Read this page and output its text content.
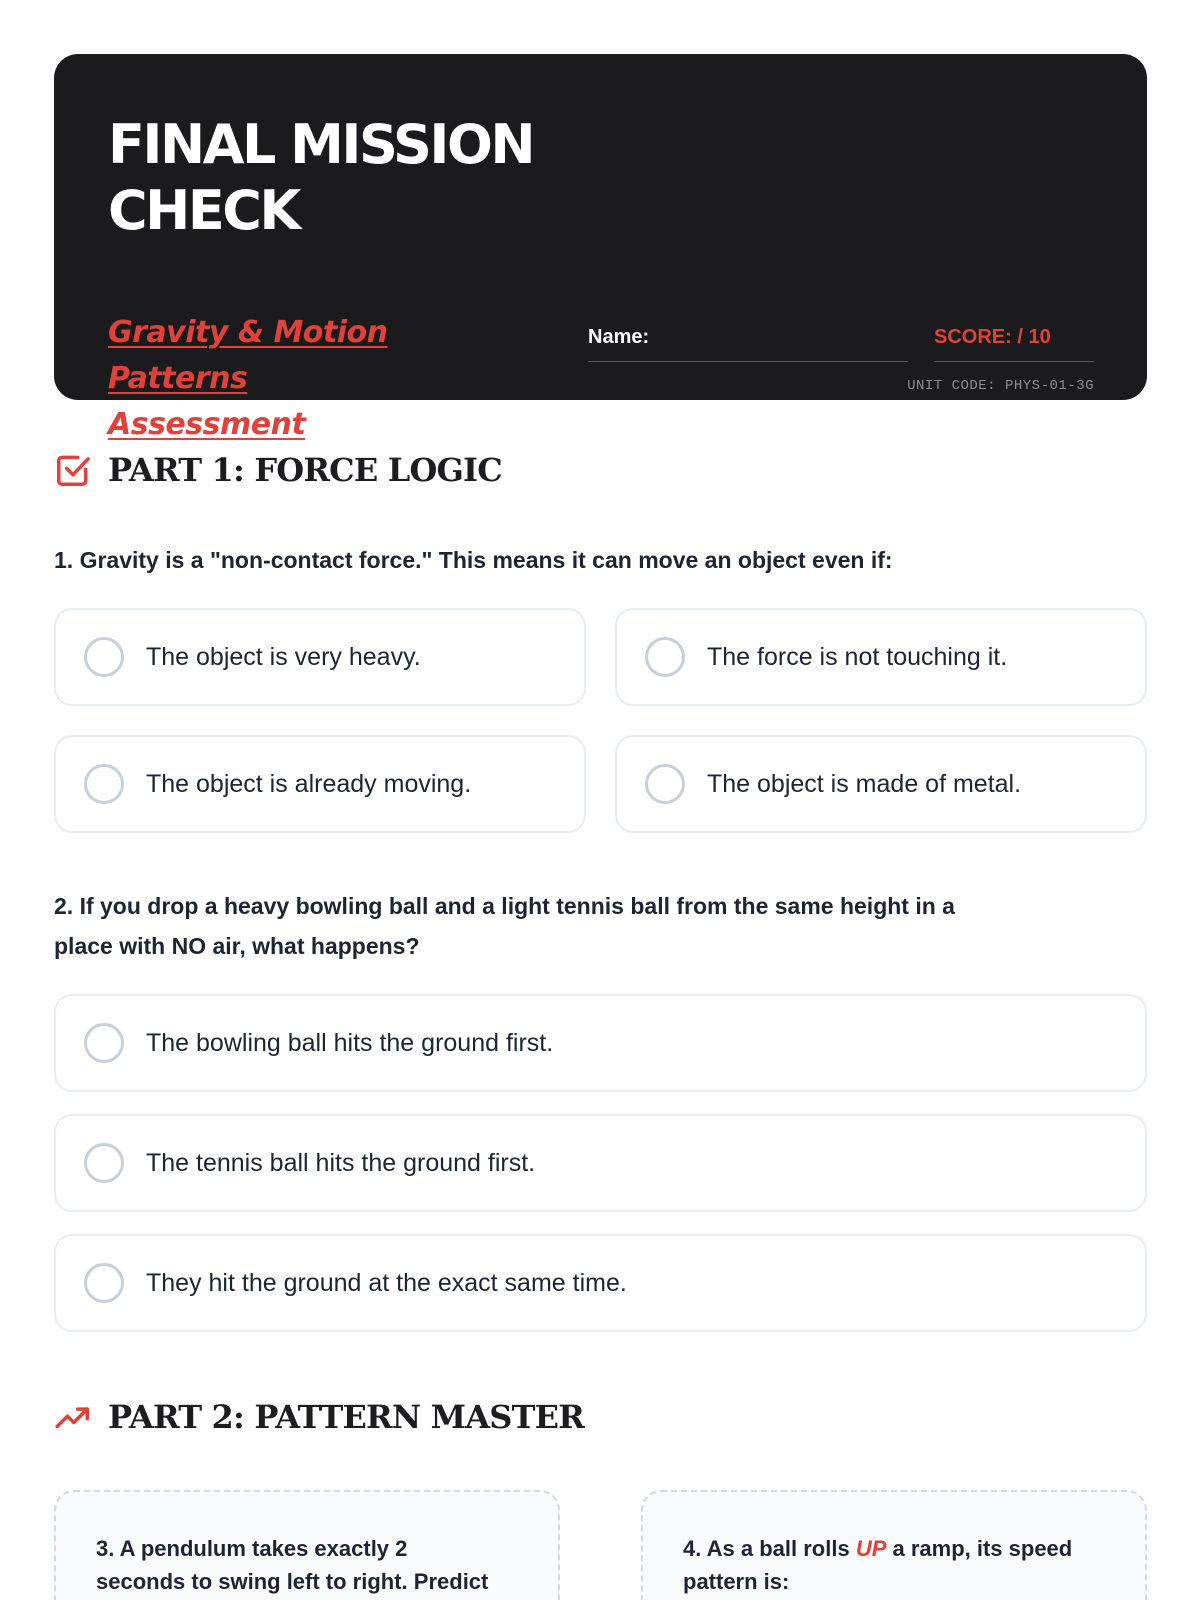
FINAL MISSION
CHECK
Gravity & Motion Patterns
Assessment
Name:	SCORE: / 10
UNIT CODE: PHYS-01-3G
PART 1: FORCE LOGIC
1. Gravity is a "non-contact force." This means it can move an object even if:
The object is very heavy.	The force is not touching it.
The object is already moving.	The object is made of metal.
2. If you drop a heavy bowling ball and a light tennis ball from the same height in a
place with NO air, what happens?
The bowling ball hits the ground first.
The tennis ball hits the ground first.
They hit the ground at the exact same time.
PART 2: PATTERN MASTER
3. A pendulum takes exactly 2
seconds to swing left to right. Predict
4. As a ball rolls UP a ramp, its speed
pattern is:
